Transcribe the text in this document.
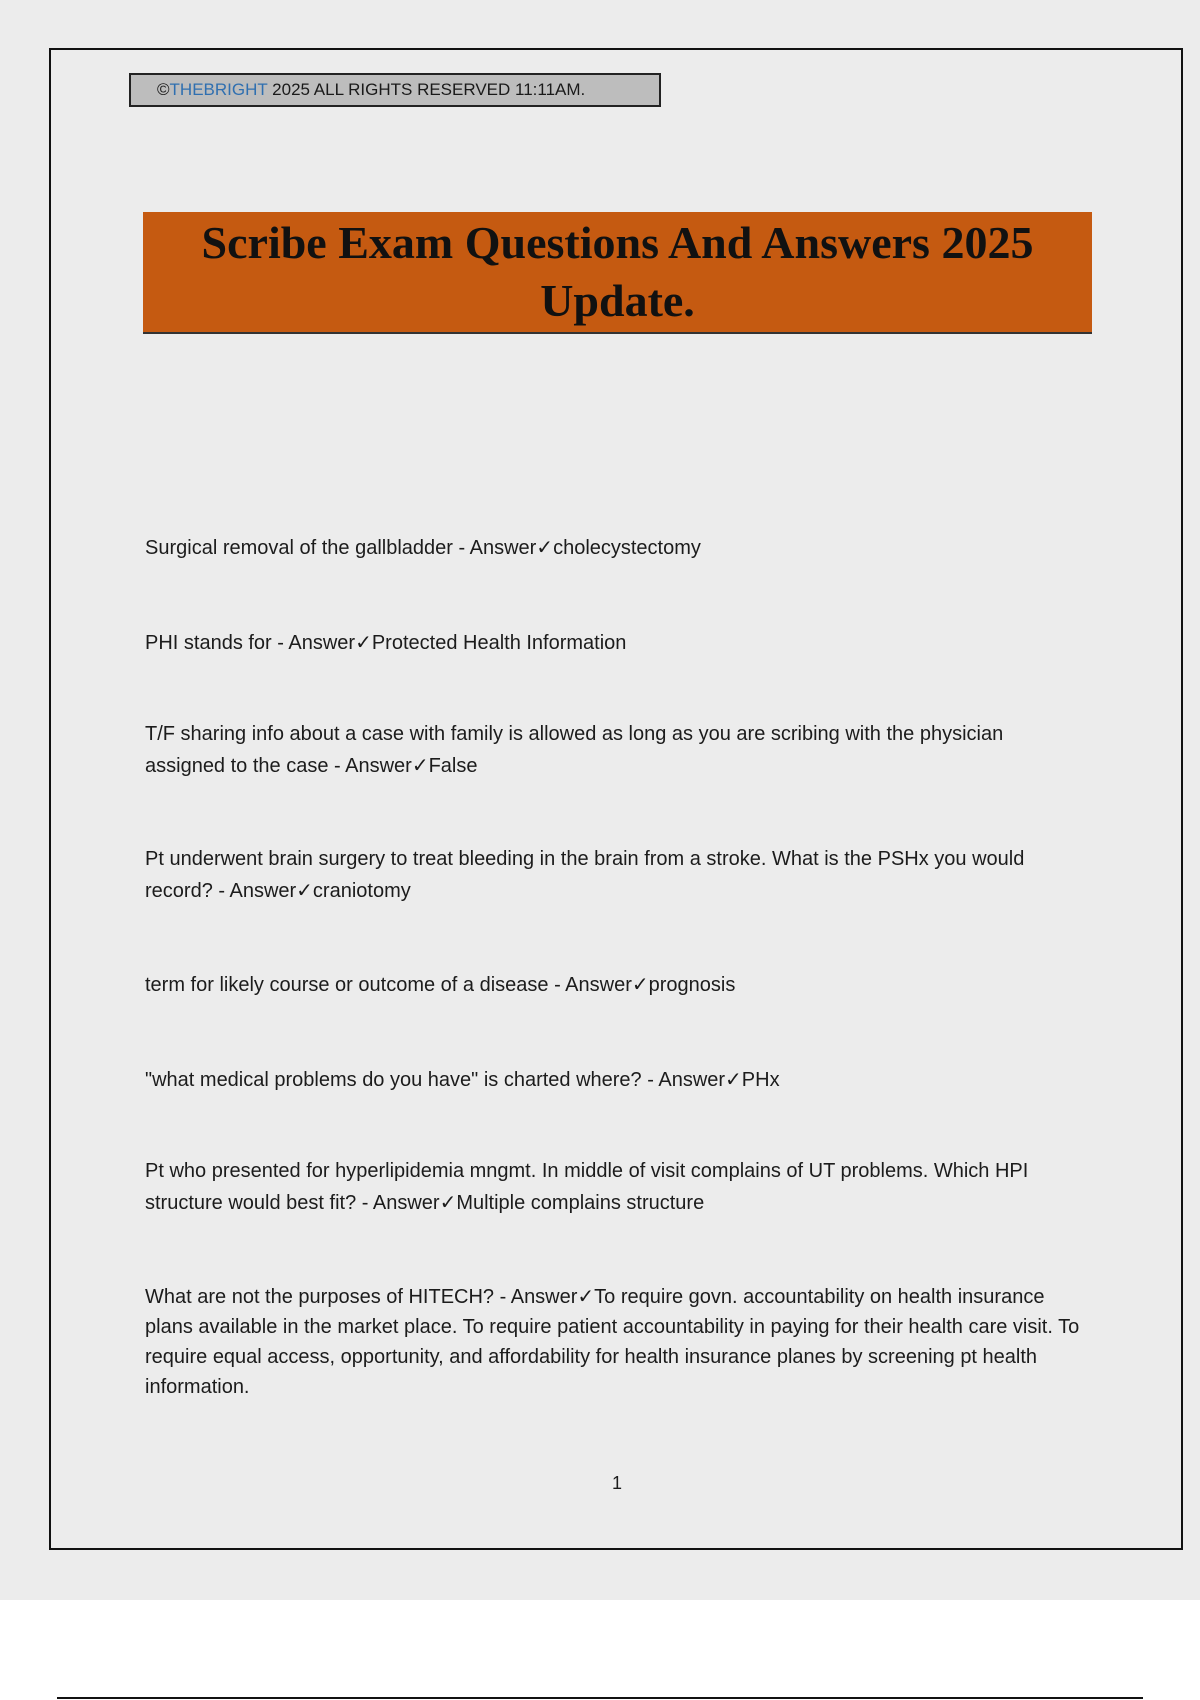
©THEBRIGHT 2025 ALL RIGHTS RESERVED 11:11AM.
Scribe Exam Questions And Answers 2025 Update.

Surgical removal of the gallbladder - Answer✓cholecystectomy

PHI stands for - Answer✓Protected Health Information

T/F sharing info about a case with family is allowed as long as you are scribing with the physician assigned to the case - Answer✓False

Pt underwent brain surgery to treat bleeding in the brain from a stroke. What is the PSHx you would record? - Answer✓craniotomy

term for likely course or outcome of a disease - Answer✓prognosis

"what medical problems do you have" is charted where? - Answer✓PHx

Pt who presented for hyperlipidemia mngmt. In middle of visit complains of UT problems. Which HPI structure would best fit? - Answer✓Multiple complains structure

What are not the purposes of HITECH? - Answer✓To require govn. accountability on health insurance plans available in the market place. To require patient accountability in paying for their health care visit. To require equal access, opportunity, and affordability for health insurance planes by screening pt health information.

1
